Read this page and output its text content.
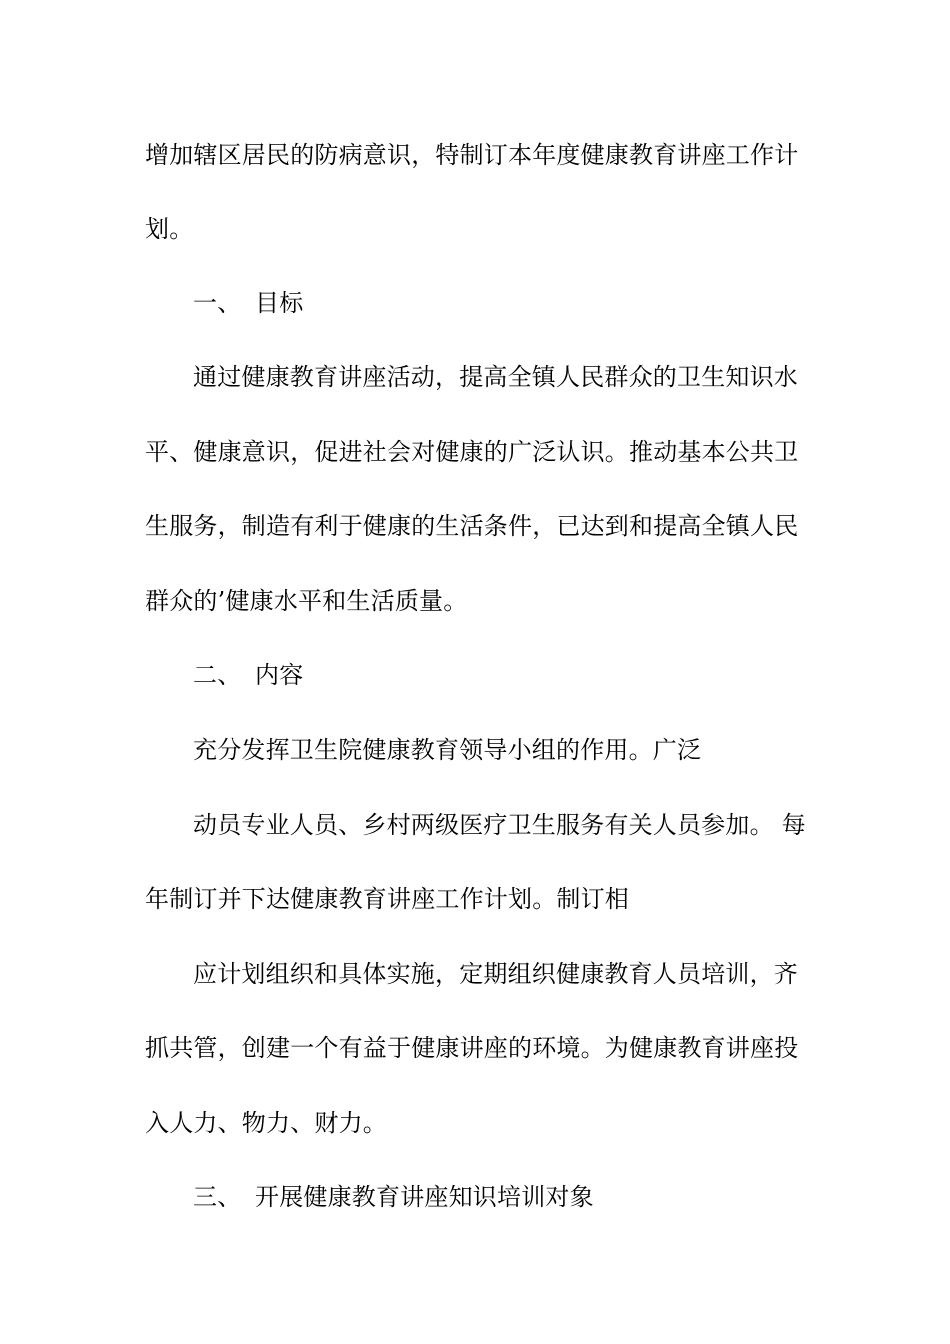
增加辖区居民的防病意识，特制订本年度健康教育讲座工作计
划。
一、 目标
通过健康教育讲座活动，提高全镇人民群众的卫生知识水
平、健康意识，促进社会对健康的广泛认识。推动基本公共卫
生服务，制造有利于健康的生活条件，已达到和提高全镇人民
群众的’健康水平和生活质量。
二、 内容
充分发挥卫生院健康教育领导小组的作用。广泛
动员专业人员、乡村两级医疗卫生服务有关人员参加。 每
年制订并下达健康教育讲座工作计划。制订相
应计划组织和具体实施，定期组织健康教育人员培训，齐
抓共管，创建一个有益于健康讲座的环境。为健康教育讲座投
入人力、物力、财力。
三、 开展健康教育讲座知识培训对象
